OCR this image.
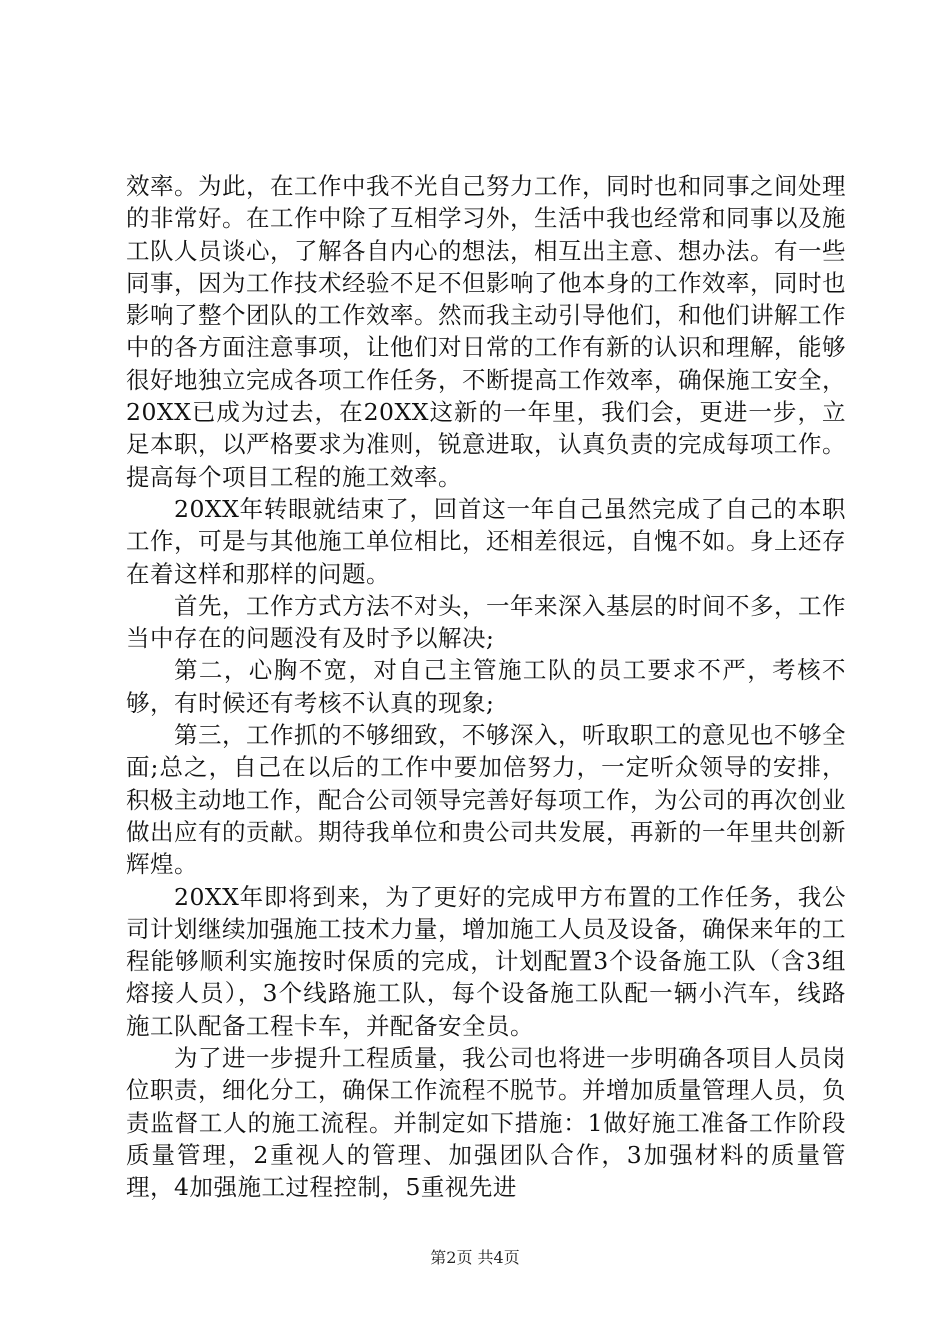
效率。为此，在工作中我不光自己努力工作，同时也和同事之间处理的非常好。在工作中除了互相学习外，生活中我也经常和同事以及施工队人员谈心，了解各自内心的想法，相互出主意、想办法。有一些同事，因为工作技术经验不足不但影响了他本身的工作效率，同时也影响了整个团队的工作效率。然而我主动引导他们，和他们讲解工作中的各方面注意事项，让他们对日常的工作有新的认识和理解，能够很好地独立完成各项工作任务，不断提高工作效率，确保施工安全，20XX已成为过去，在20XX这新的一年里，我们会，更进一步，立足本职，以严格要求为准则，锐意进取，认真负责的完成每项工作。提高每个项目工程的施工效率。

20XX年转眼就结束了，回首这一年自己虽然完成了自己的本职工作，可是与其他施工单位相比，还相差很远，自愧不如。身上还存在着这样和那样的问题。

首先，工作方式方法不对头，一年来深入基层的时间不多，工作当中存在的问题没有及时予以解决;

第二，心胸不宽，对自己主管施工队的员工要求不严，考核不够，有时候还有考核不认真的现象;

第三，工作抓的不够细致，不够深入，听取职工的意见也不够全面;总之，自己在以后的工作中要加倍努力，一定听众领导的安排，积极主动地工作，配合公司领导完善好每项工作，为公司的再次创业做出应有的贡献。期待我单位和贵公司共发展，再新的一年里共创新辉煌。

20XX年即将到来，为了更好的完成甲方布置的工作任务，我公司计划继续加强施工技术力量，增加施工人员及设备，确保来年的工程能够顺利实施按时保质的完成，计划配置3个设备施工队（含3组熔接人员），3个线路施工队，每个设备施工队配一辆小汽车，线路施工队配备工程卡车，并配备安全员。

为了进一步提升工程质量，我公司也将进一步明确各项目人员岗位职责，细化分工，确保工作流程不脱节。并增加质量管理人员，负责监督工人的施工流程。并制定如下措施：1做好施工准备工作阶段质量管理，2重视人的管理、加强团队合作，3加强材料的质量管理，4加强施工过程控制，5重视先进

第2页 共4页
